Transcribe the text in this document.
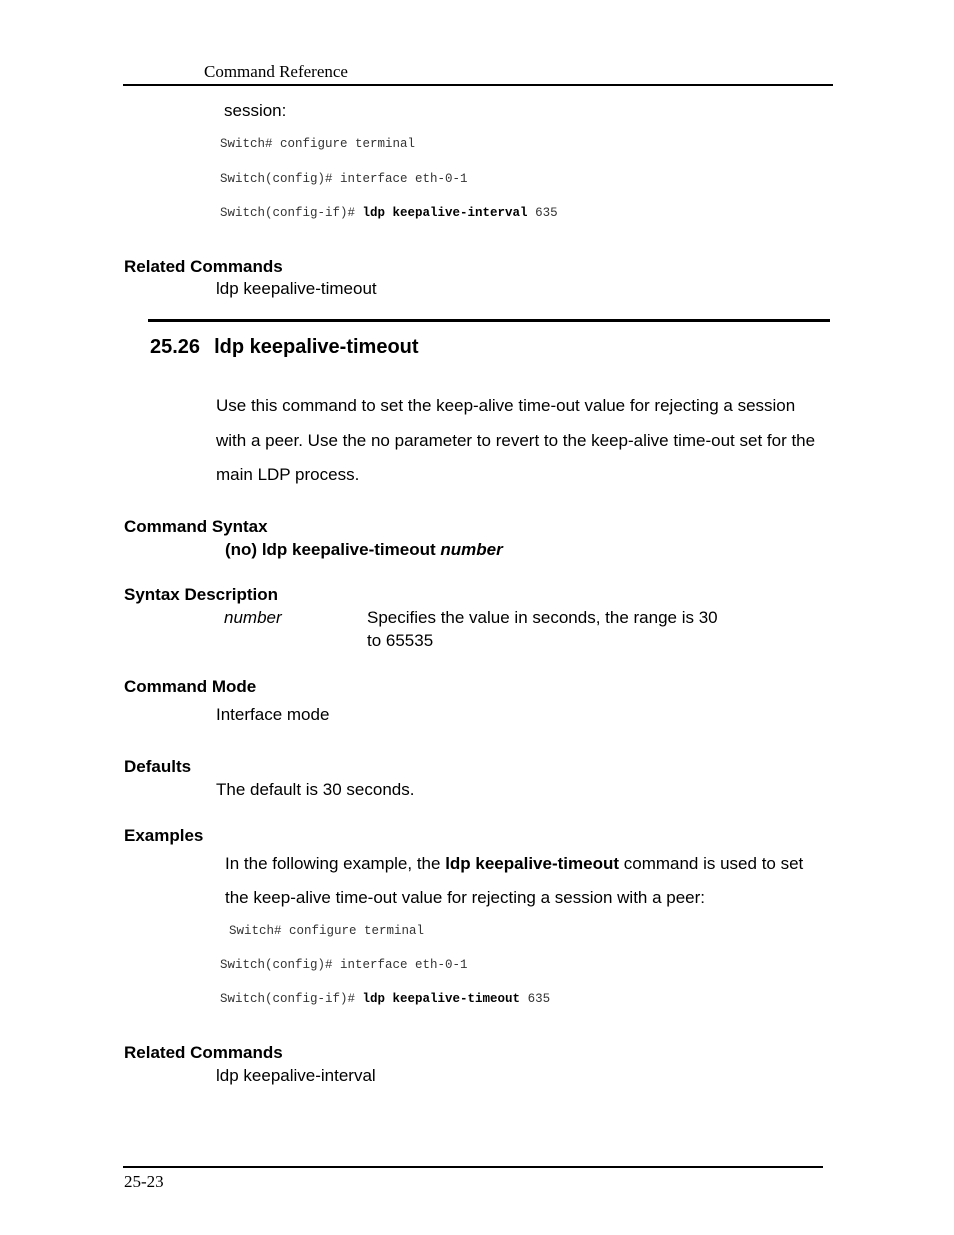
Command Reference
session:
Switch# configure terminal
Switch(config)# interface eth-0-1
Switch(config-if)# ldp keepalive-interval 635
Related Commands
ldp keepalive-timeout
25.26 ldp keepalive-timeout
Use this command to set the keep-alive time-out value for rejecting a session
with a peer. Use the no parameter to revert to the keep-alive time-out set for the
main LDP process.
Command Syntax
(no) ldp keepalive-timeout number
Syntax Description
number	Specifies the value in seconds, the range is 30
to 65535
Command Mode
Interface mode
Defaults
The default is 30 seconds.
Examples
In the following example, the ldp keepalive-timeout command is used to set
the keep-alive time-out value for rejecting a session with a peer:
Switch# configure terminal
Switch(config)# interface eth-0-1
Switch(config-if)# ldp keepalive-timeout 635
Related Commands
ldp keepalive-interval
25-23
